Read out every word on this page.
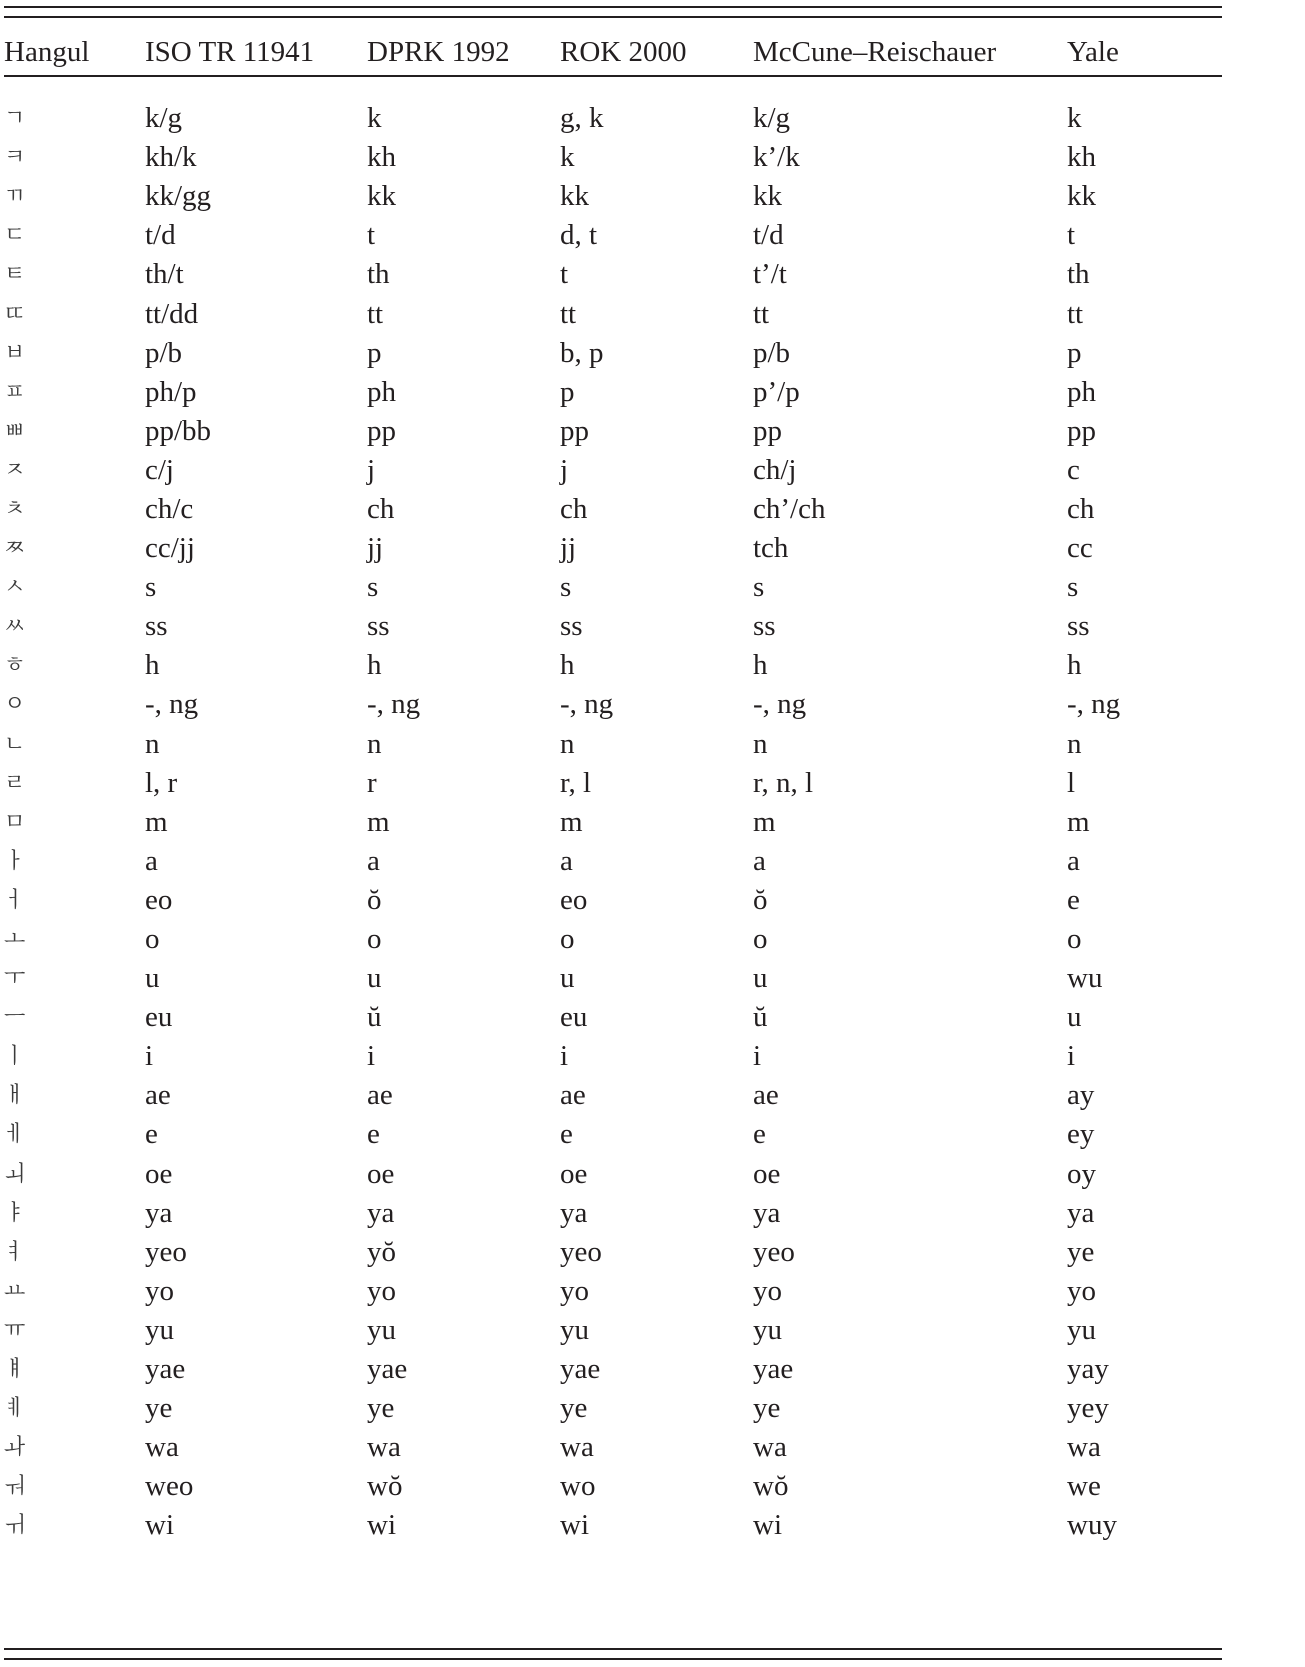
Hangul	ISO TR 11941	DPRK 1992	ROK 2000	McCune–Reischauer	Yale

ㄱ	k/g	k	g, k	k/g	k
ㅋ	kh/k	kh	k	k’/k	kh
ㄲ	kk/gg	kk	kk	kk	kk
ㄷ	t/d	t	d, t	t/d	t
ㅌ	th/t	th	t	t’/t	th
ㄸ	tt/dd	tt	tt	tt	tt
ㅂ	p/b	p	b, p	p/b	p
ㅍ	ph/p	ph	p	p’/p	ph
ㅃ	pp/bb	pp	pp	pp	pp
ㅈ	c/j	j	j	ch/j	c
ㅊ	ch/c	ch	ch	ch’/ch	ch
ㅉ	cc/jj	jj	jj	tch	cc
ㅅ	s	s	s	s	s
ㅆ	ss	ss	ss	ss	ss
ㅎ	h	h	h	h	h
ㅇ	-, ng	-, ng	-, ng	-, ng	-, ng
ㄴ	n	n	n	n	n
ㄹ	l, r	r	r, l	r, n, l	l
ㅁ	m	m	m	m	m
ㅏ	a	a	a	a	a
ㅓ	eo	ŏ	eo	ŏ	e
ㅗ	o	o	o	o	o
ㅜ	u	u	u	u	wu
ㅡ	eu	ŭ	eu	ŭ	u
ㅣ	i	i	i	i	i
ㅐ	ae	ae	ae	ae	ay
ㅔ	e	e	e	e	ey
ㅚ	oe	oe	oe	oe	oy
ㅑ	ya	ya	ya	ya	ya
ㅕ	yeo	yŏ	yeo	yeo	ye
ㅛ	yo	yo	yo	yo	yo
ㅠ	yu	yu	yu	yu	yu
ㅒ	yae	yae	yae	yae	yay
ㅖ	ye	ye	ye	ye	yey
ㅘ	wa	wa	wa	wa	wa
ㅝ	weo	wŏ	wo	wŏ	we
ㅟ	wi	wi	wi	wi	wuy
